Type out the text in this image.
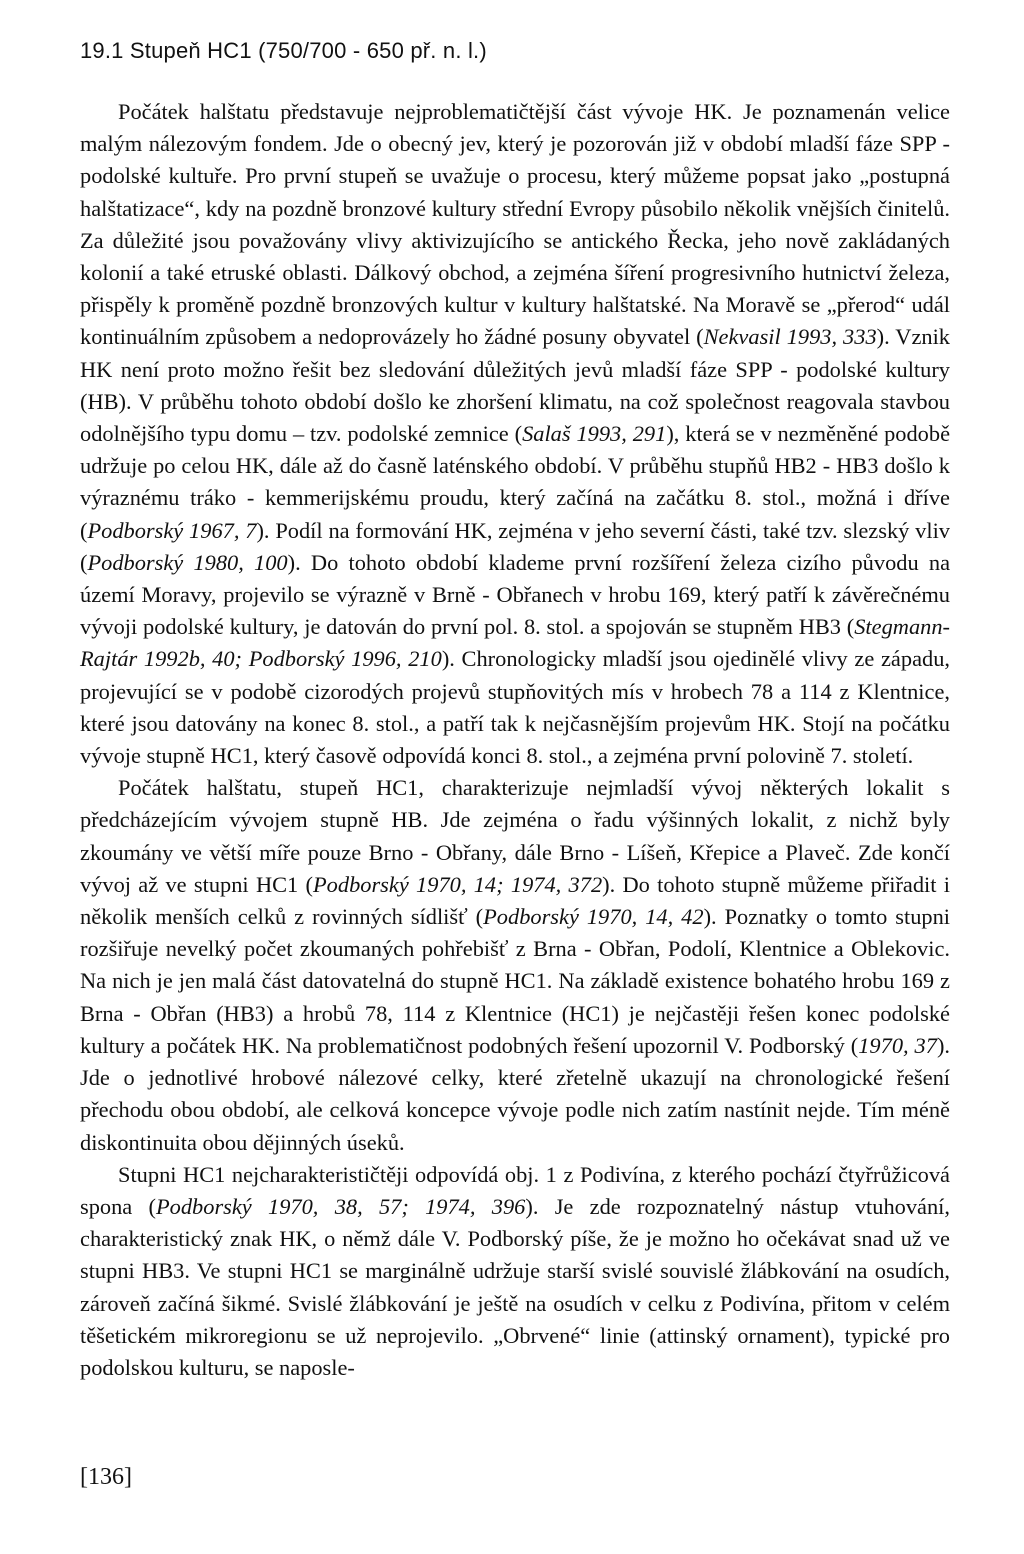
19.1 Stupeň HC1 (750/700 - 650 př. n. l.)

Počátek halštatu představuje nejproblematičtější část vývoje HK. Je poznamenán velice malým nálezovým fondem. Jde o obecný jev, který je pozorován již v období mladší fáze SPP - podolské kultuře. Pro první stupeň se uvažuje o procesu, který můžeme popsat jako „postupná halštatizace“, kdy na pozdně bronzové kultury střední Evropy působilo několik vnějších činitelů. Za důležité jsou považovány vlivy aktivizujícího se antického Řecka, jeho nově zakládaných kolonií a také etruské oblasti. Dálkový obchod, a zejména šíření progresivního hutnictví železa, přispěly k proměně pozdně bronzových kultur v kultury halštatské. Na Moravě se „přerod“ udál kontinuálním způsobem a nedoprovázely ho žádné posuny obyvatel (Nekvasil 1993, 333). Vznik HK není proto možno řešit bez sledování důležitých jevů mladší fáze SPP - podolské kultury (HB). V průběhu tohoto období došlo ke zhoršení klimatu, na což společnost reagovala stavbou odolnějšího typu domu – tzv. podolské zemnice (Salaš 1993, 291), která se v nezměněné podobě udržuje po celou HK, dále až do časně laténského období. V průběhu stupňů HB2 - HB3 došlo k výraznému tráko - kemmerijskému proudu, který začíná na začátku 8. stol., možná i dříve (Podborský 1967, 7). Podíl na formování HK, zejména v jeho severní části, také tzv. slezský vliv (Podborský 1980, 100). Do tohoto období klademe první rozšíření železa cizího původu na území Moravy, projevilo se výrazně v Brně - Obřanech v hrobu 169, který patří k závěrečnému vývoji podolské kultury, je datován do první pol. 8. stol. a spojován se stupněm HB3 (Stegmann-Rajtár 1992b, 40; Podborský 1996, 210). Chronologicky mladší jsou ojedinělé vlivy ze západu, projevující se v podobě cizorodých projevů stupňovitých mís v hrobech 78 a 114 z Klentnice, které jsou datovány na konec 8. stol., a patří tak k nejčasnějším projevům HK. Stojí na počátku vývoje stupně HC1, který časově odpovídá konci 8. stol., a zejména první polovině 7. století.

Počátek halštatu, stupeň HC1, charakterizuje nejmladší vývoj některých lokalit s předcházejícím vývojem stupně HB. Jde zejména o řadu výšinných lokalit, z nichž byly zkoumány ve větší míře pouze Brno - Obřany, dále Brno - Líšeň, Křepice a Plaveč. Zde končí vývoj až ve stupni HC1 (Podborský 1970, 14; 1974, 372). Do tohoto stupně můžeme přiřadit i několik menších celků z rovinných sídlišť (Podborský 1970, 14, 42). Poznatky o tomto stupni rozšiřuje nevelký počet zkoumaných pohřebišť z Brna - Obřan, Podolí, Klentnice a Oblekovic. Na nich je jen malá část datovatelná do stupně HC1. Na základě existence bohatého hrobu 169 z Brna - Obřan (HB3) a hrobů 78, 114 z Klentnice (HC1) je nejčastěji řešen konec podolské kultury a počátek HK. Na problematičnost podobných řešení upozornil V. Podborský (1970, 37). Jde o jednotlivé hrobové nálezové celky, které zřetelně ukazují na chronologické řešení přechodu obou období, ale celková koncepce vývoje podle nich zatím nastínit nejde. Tím méně diskontinuita obou dějinných úseků.

Stupni HC1 nejcharakterističtěji odpovídá obj. 1 z Podivína, z kterého pochází čtyřrůžicová spona (Podborský 1970, 38, 57; 1974, 396). Je zde rozpoznatelný nástup vtuhování, charakteristický znak HK, o němž dále V. Podborský píše, že je možno ho očekávat snad už ve stupni HB3. Ve stupni HC1 se marginálně udržuje starší svislé souvislé žlábkování na osudích, zároveň začíná šikmé. Svislé žlábkování je ještě na osudích v celku z Podivína, přitom v celém těšetickém mikroregionu se už neprojevilo. „Obrvené“ linie (attinský ornament), typické pro podolskou kulturu, se naposle-

[136]
